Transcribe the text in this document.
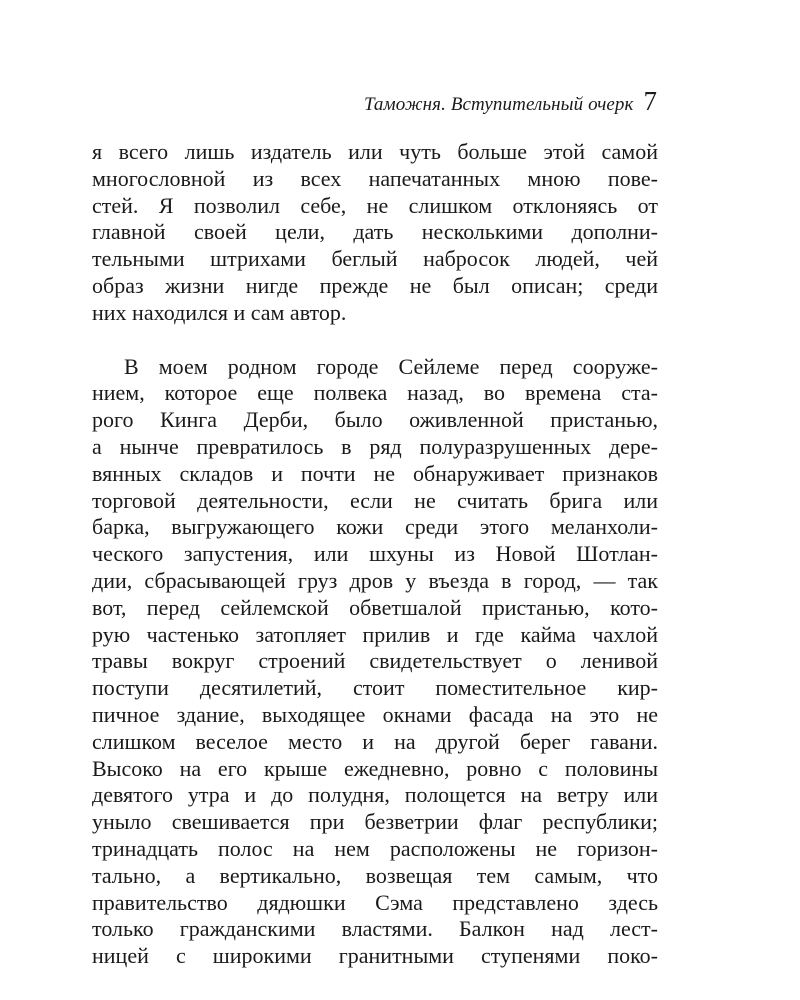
Таможня. Вступительный очерк 7
я всего лишь издатель или чуть больше этой самой
многословной из всех напечатанных мною пове-
стей. Я позволил себе, не слишком отклоняясь от
главной своей цели, дать несколькими дополни-
тельными штрихами беглый набросок людей, чей
образ жизни нигде прежде не был описан; среди
них находился и сам автор.
В моем родном городе Сейлеме перед сооруже-
нием, которое еще полвека назад, во времена ста-
рого Кинга Дерби, было оживленной пристанью,
а нынче превратилось в ряд полуразрушенных дере-
вянных складов и почти не обнаруживает признаков
торговой деятельности, если не считать брига или
барка, выгружающего кожи среди этого меланхоли-
ческого запустения, или шхуны из Новой Шотлан-
дии, сбрасывающей груз дров у въезда в город, — так
вот, перед сейлемской обветшалой пристанью, кото-
рую частенько затопляет прилив и где кайма чахлой
травы вокруг строений свидетельствует о ленивой
поступи десятилетий, стоит поместительное кир-
пичное здание, выходящее окнами фасада на это не
слишком веселое место и на другой берег гавани.
Высоко на его крыше ежедневно, ровно с половины
девятого утра и до полудня, полощется на ветру или
уныло свешивается при безветрии флаг республики;
тринадцать полос на нем расположены не горизон-
тально, а вертикально, возвещая тем самым, что
правительство дядюшки Сэма представлено здесь
только гражданскими властями. Балкон над лест-
ницей с широкими гранитными ступенями поко-
